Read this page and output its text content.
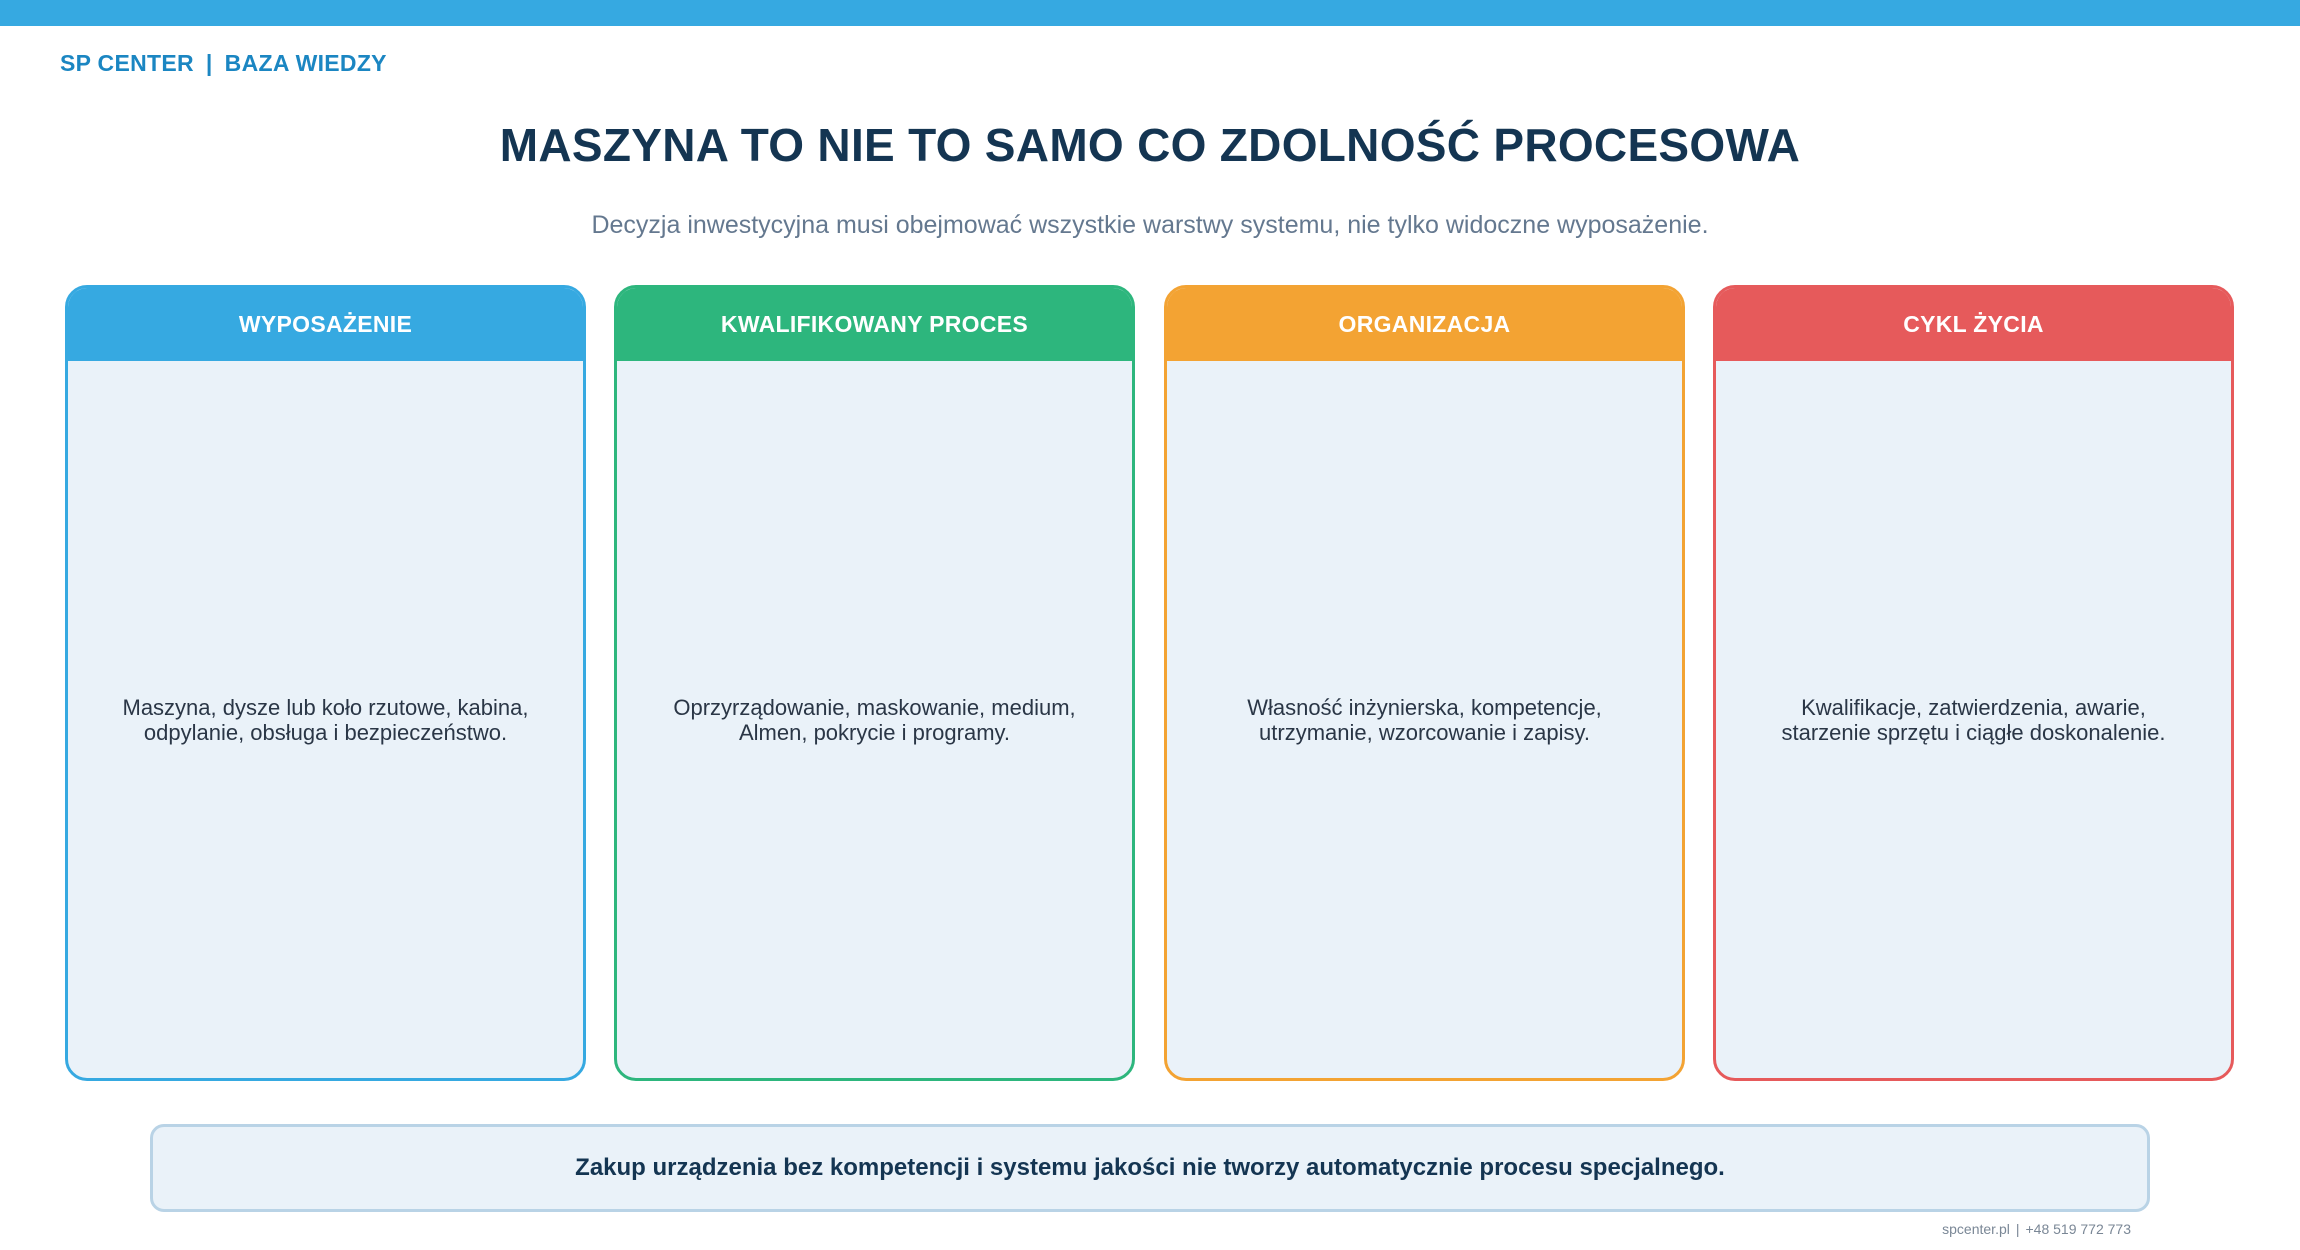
SP CENTER | BAZA WIEDZY
MASZYNA TO NIE TO SAMO CO ZDOLNOŚĆ PROCESOWA

Decyzja inwestycyjna musi obejmować wszystkie warstwy systemu, nie tylko widoczne wyposażenie.

WYPOSAŻENIE
Maszyna, dysze lub koło rzutowe, kabina, odpylanie, obsługa i bezpieczeństwo.
KWALIFIKOWANY PROCES
Oprzyrządowanie, maskowanie, medium, Almen, pokrycie i programy.
ORGANIZACJA
Własność inżynierska, kompetencje, utrzymanie, wzorcowanie i zapisy.
CYKL ŻYCIA
Kwalifikacje, zatwierdzenia, awarie, starzenie sprzętu i ciągłe doskonalenie.
Zakup urządzenia bez kompetencji i systemu jakości nie tworzy automatycznie procesu specjalnego.
spcenter.pl | +48 519 772 773
